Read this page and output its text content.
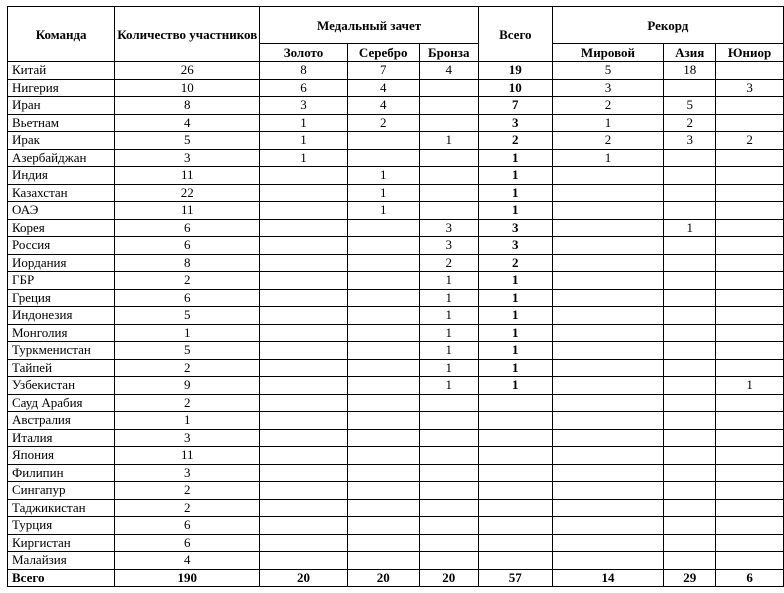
Команда	Количество участников	Медальный зачет			Всего	Рекорд		
		Золото	Серебро	Бронза		Мировой	Азия	Юниор
Китай	26	8	7	4	19	5	18	
Нигерия	10	6	4		10	3		3
Иран	8	3	4		7	2	5	
Вьетнам	4	1	2		3	1	2	
Ирак	5	1		1	2	2	3	2
Азербайджан	3	1			1	1		
Индия	11		1		1			
Казахстан	22		1		1			
ОАЭ	11		1		1			
Корея	6			3	3		1	
Россия	6			3	3			
Иордания	8			2	2			
ГБР	2			1	1			
Греция	6			1	1			
Индонезия	5			1	1			
Монголия	1			1	1			
Туркменистан	5			1	1			
Тайпей	2			1	1			
Узбекистан	9			1	1			1
Сауд Арабия	2							
Австралия	1							
Италия	3							
Япония	11							
Филипин	3							
Сингапур	2							
Таджикистан	2							
Турция	6							
Киргистан	6							
Малайзия	4							
Всего	190	20	20	20	57	14	29	6
